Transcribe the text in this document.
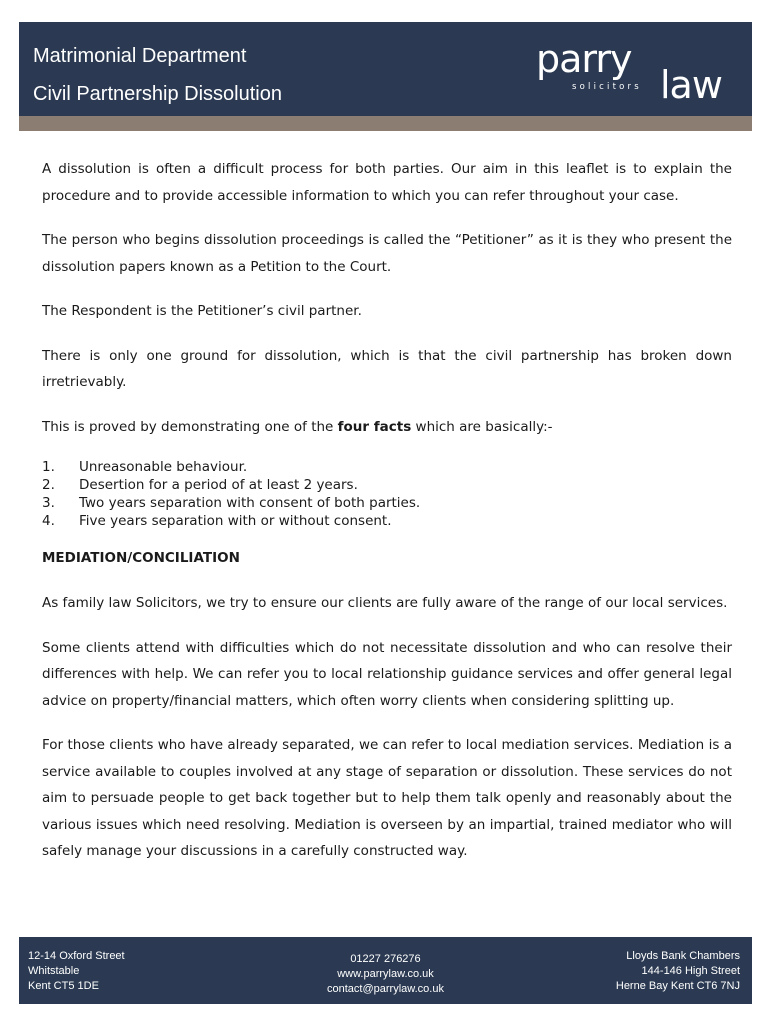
Matrimonial Department
Civil Partnership Dissolution
parry
solicitors law

A dissolution is often a difficult process for both parties. Our aim in this leaflet is to explain the procedure and to provide accessible information to which you can refer throughout your case.

The person who begins dissolution proceedings is called the “Petitioner” as it is they who present the dissolution papers known as a Petition to the Court.

The Respondent is the Petitioner’s civil partner.

There is only one ground for dissolution, which is that the civil partnership has broken down irretrievably.

This is proved by demonstrating one of the four facts which are basically:-

1.	Unreasonable behaviour.
2.	Desertion for a period of at least 2 years.
3.	Two years separation with consent of both parties.
4.	Five years separation with or without consent.
MEDIATION/CONCILIATION

As family law Solicitors, we try to ensure our clients are fully aware of the range of our local services.

Some clients attend with difficulties which do not necessitate dissolution and who can resolve their differences with help. We can refer you to local relationship guidance services and offer general legal advice on property/financial matters, which often worry clients when considering splitting up.

For those clients who have already separated, we can refer to local mediation services. Mediation is a service available to couples involved at any stage of separation or dissolution. These services do not aim to persuade people to get back together but to help them talk openly and reasonably about the various issues which need resolving. Mediation is overseen by an impartial, trained mediator who will safely manage your discussions in a carefully constructed way.

12-14 Oxford Street
Whitstable
Kent CT5 1DE
01227 276276
www.parrylaw.co.uk
contact@parrylaw.co.uk
Lloyds Bank Chambers
144-146 High Street
Herne Bay Kent CT6 7NJ
